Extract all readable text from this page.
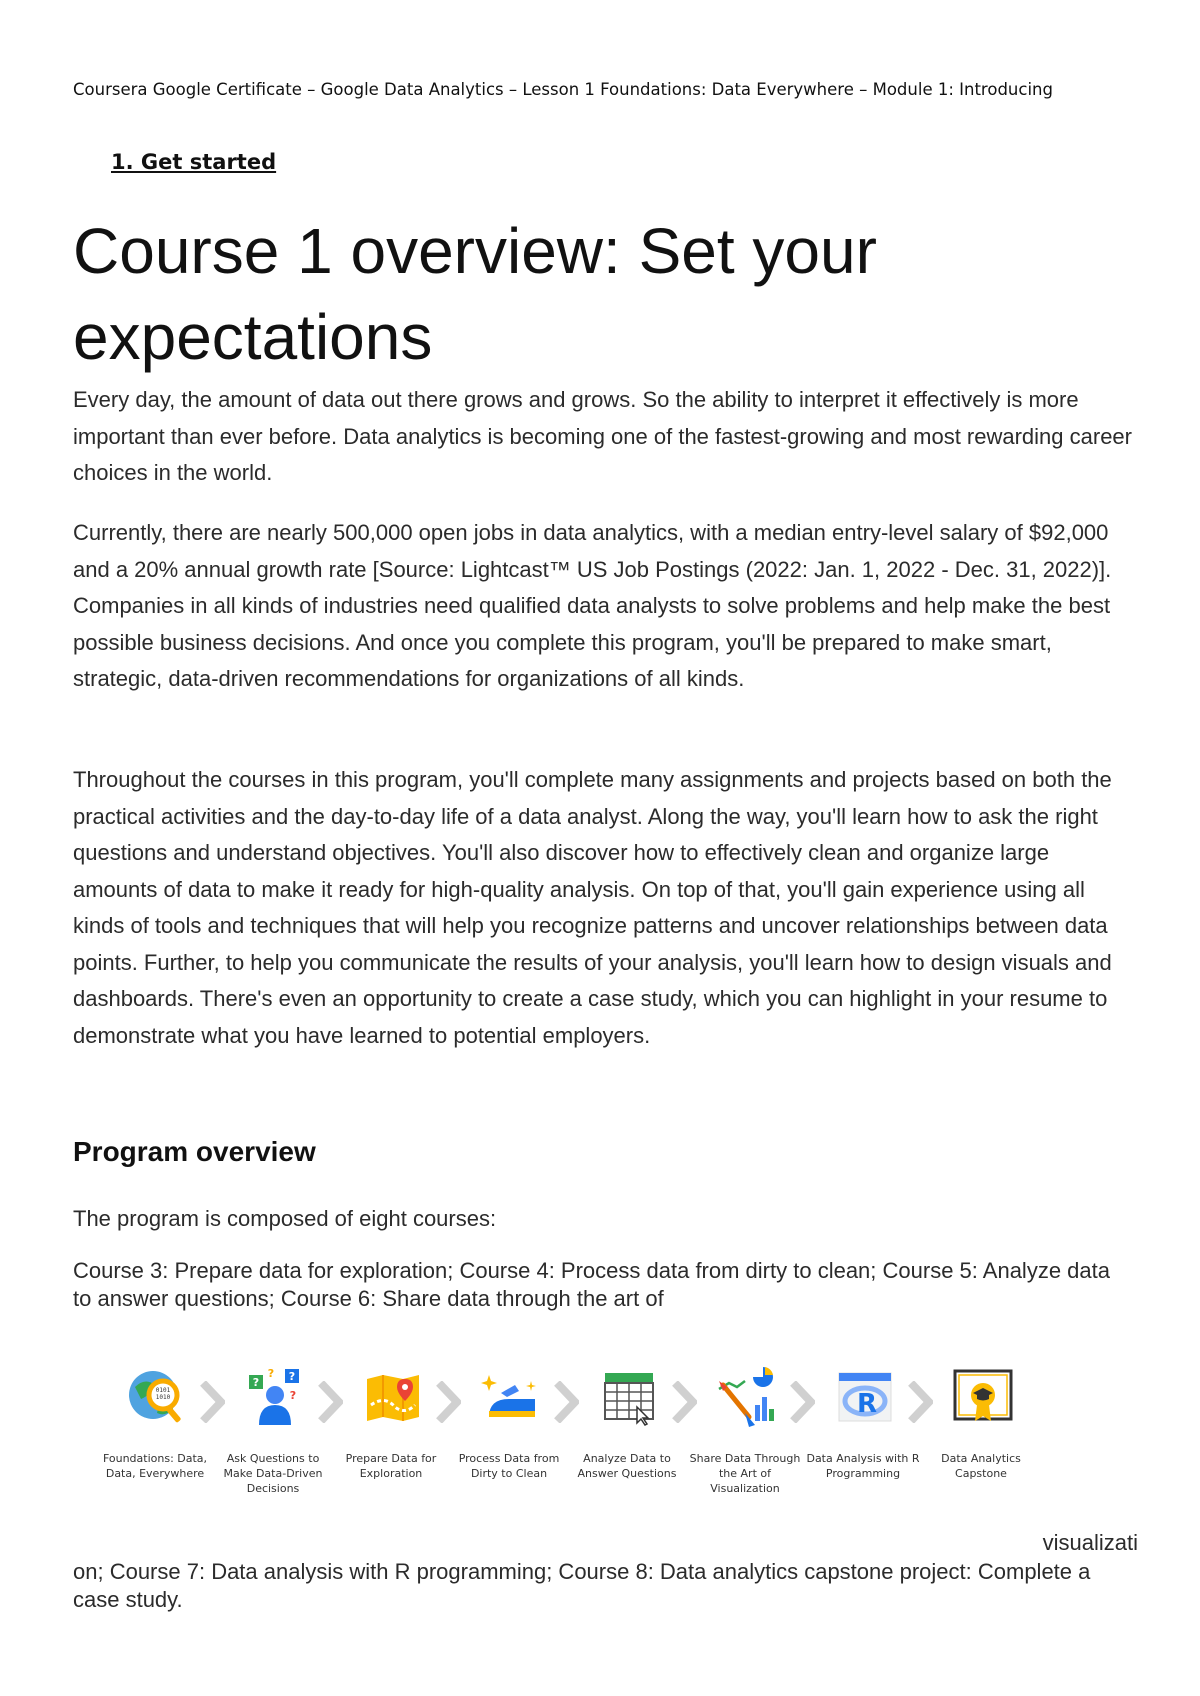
Coursera Google Certificate – Google Data Analytics – Lesson 1 Foundations: Data Everywhere – Module 1: Introducing
1. Get started
Course 1 overview: Set your expectations

Every day, the amount of data out there grows and grows. So the ability to interpret it effectively is more important than ever before. Data analytics is becoming one of the fastest-growing and most rewarding career choices in the world.

Currently, there are nearly 500,000 open jobs in data analytics, with a median entry-level salary of $92,000 and a 20% annual growth rate [Source: Lightcast™ US Job Postings (2022: Jan. 1, 2022 - Dec. 31, 2022)]. Companies in all kinds of industries need qualified data analysts to solve problems and help make the best possible business decisions. And once you complete this program, you'll be prepared to make smart, strategic, data-driven recommendations for organizations of all kinds.

Throughout the courses in this program, you'll complete many assignments and projects based on both the practical activities and the day-to-day life of a data analyst. Along the way, you'll learn how to ask the right questions and understand objectives. You'll also discover how to effectively clean and organize large amounts of data to make it ready for high-quality analysis. On top of that, you'll gain experience using all kinds of tools and techniques that will help you recognize patterns and uncover relationships between data points. Further, to help you communicate the results of your analysis, you'll learn how to design visuals and dashboards. There's even an opportunity to create a case study, which you can highlight in your resume to demonstrate what you have learned to potential employers.

Program overview

The program is composed of eight courses:

Course 3: Prepare data for exploration; Course 4: Process data from dirty to clean; Course 5: Analyze data to answer questions; Course 6: Share data through the art of

0101
1010
Foundations: Data, Data, Everywhere
?	?
?
?
Ask Questions to Make Data-Driven Decisions
Prepare Data for Exploration
Process Data from Dirty to Clean
Analyze Data to Answer Questions
Share Data Through the Art of Visualization
R
Data Analysis with R Programming
Data Analytics Capstone
visualizati

on; Course 7: Data analysis with R programming; Course 8: Data analytics capstone project: Complete a case study.
